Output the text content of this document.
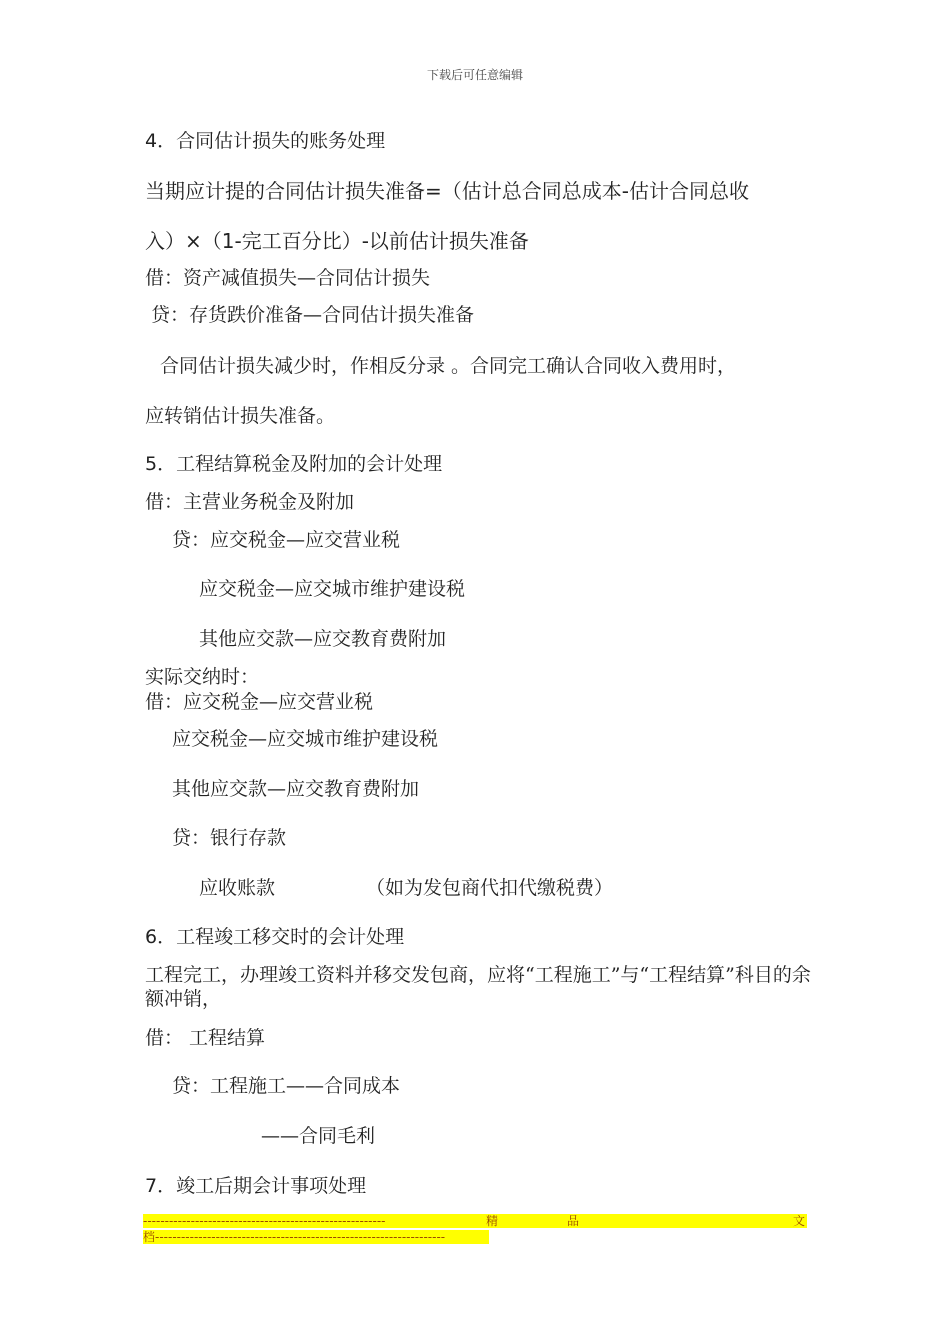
下载后可任意编辑
4．合同估计损失的账务处理
当期应计提的合同估计损失准备=（估计总合同总成本-估计合同总收
入）×（1-完工百分比）-以前估计损失准备
借：资产减值损失—合同估计损失
贷：存货跌价准备—合同估计损失准备
合同估计损失减少时，作相反分录 。合同完工确认合同收入费用时，
应转销估计损失准备。
5．工程结算税金及附加的会计处理
借：主营业务税金及附加
贷：应交税金—应交营业税
应交税金—应交城市维护建设税
其他应交款—应交教育费附加
实际交纳时：
借：应交税金—应交营业税
应交税金—应交城市维护建设税
其他应交款—应交教育费附加
贷：银行存款
应收账款	（如为发包商代扣代缴税费）
6．工程竣工移交时的会计处理
工程完工，办理竣工资料并移交发包商，应将“工程施工”与“工程结算”科目的余额冲销，
借： 工程结算
贷：工程施工——合同成本
——合同毛利
7．竣工后期会计事项处理
--------------------------------------------------------	精	品	文
档-------------------------------------------------------------------
